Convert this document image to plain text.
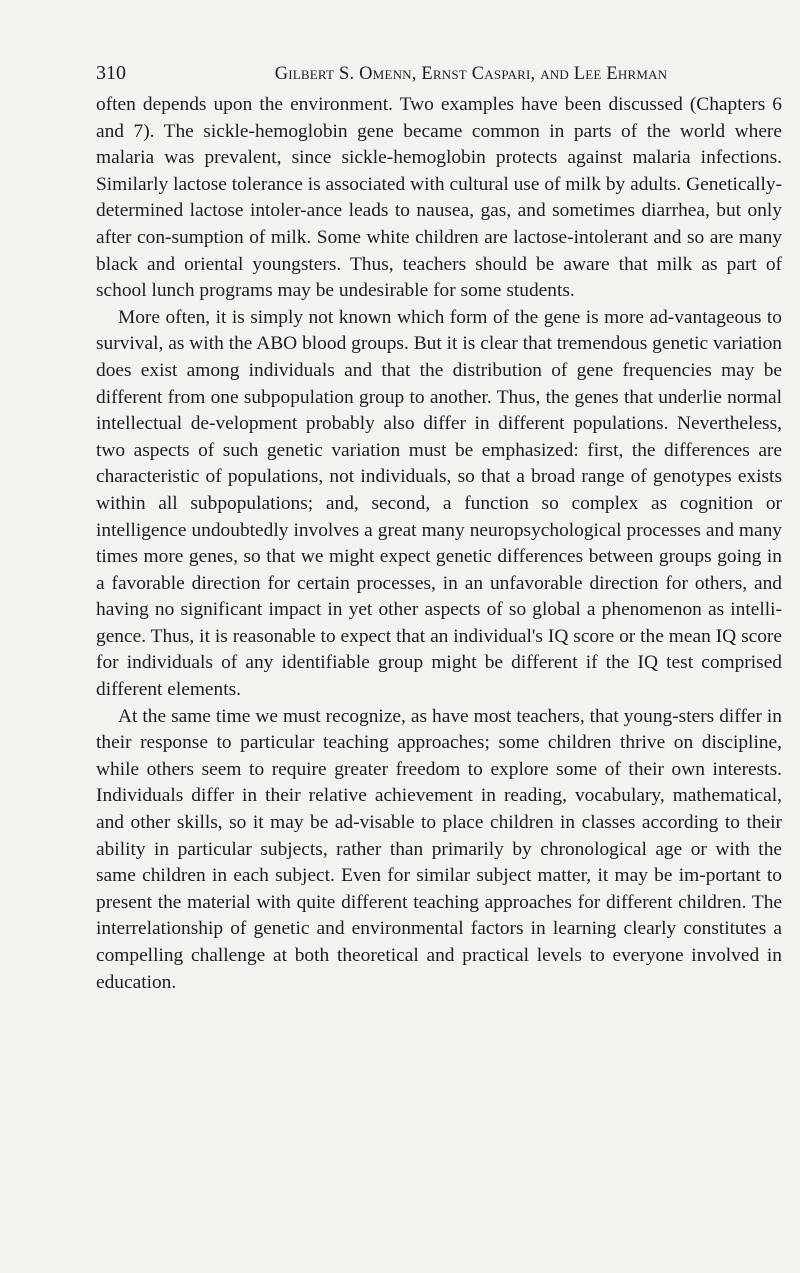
310	Gilbert S. Omenn, Ernst Caspari, and Lee Ehrman

often depends upon the environment. Two examples have been discussed (Chapters 6 and 7). The sickle-hemoglobin gene became common in parts of the world where malaria was prevalent, since sickle-hemoglobin protects against malaria infections. Similarly lactose tolerance is associated with cultural use of milk by adults. Genetically-determined lactose intoler-ance leads to nausea, gas, and sometimes diarrhea, but only after con-sumption of milk. Some white children are lactose-intolerant and so are many black and oriental youngsters. Thus, teachers should be aware that milk as part of school lunch programs may be undesirable for some students.

More often, it is simply not known which form of the gene is more ad-vantageous to survival, as with the ABO blood groups. But it is clear that tremendous genetic variation does exist among individuals and that the distribution of gene frequencies may be different from one subpopulation group to another. Thus, the genes that underlie normal intellectual de-velopment probably also differ in different populations. Nevertheless, two aspects of such genetic variation must be emphasized: first, the differences are characteristic of populations, not individuals, so that a broad range of genotypes exists within all subpopulations; and, second, a function so complex as cognition or intelligence undoubtedly involves a great many neuropsychological processes and many times more genes, so that we might expect genetic differences between groups going in a favorable direction for certain processes, in an unfavorable direction for others, and having no significant impact in yet other aspects of so global a phenomenon as intelli-gence. Thus, it is reasonable to expect that an individual's IQ score or the mean IQ score for individuals of any identifiable group might be different if the IQ test comprised different elements.

At the same time we must recognize, as have most teachers, that young-sters differ in their response to particular teaching approaches; some children thrive on discipline, while others seem to require greater freedom to explore some of their own interests. Individuals differ in their relative achievement in reading, vocabulary, mathematical, and other skills, so it may be ad-visable to place children in classes according to their ability in particular subjects, rather than primarily by chronological age or with the same children in each subject. Even for similar subject matter, it may be im-portant to present the material with quite different teaching approaches for different children. The interrelationship of genetic and environmental factors in learning clearly constitutes a compelling challenge at both theoretical and practical levels to everyone involved in education.
